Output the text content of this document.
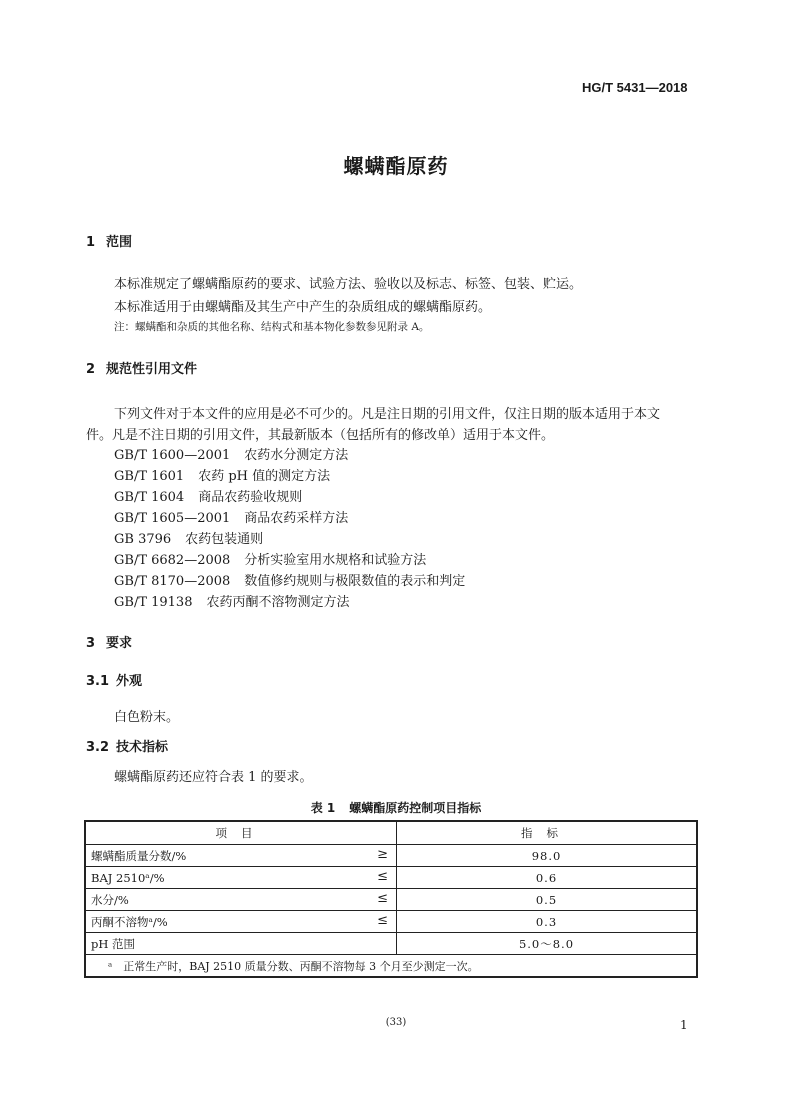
HG/T 5431—2018
螺螨酯原药
1 范围
本标准规定了螺螨酯原药的要求、试验方法、验收以及标志、标签、包装、贮运。
本标准适用于由螺螨酯及其生产中产生的杂质组成的螺螨酯原药。
注：螺螨酯和杂质的其他名称、结构式和基本物化参数参见附录 A。
2 规范性引用文件
下列文件对于本文件的应用是必不可少的。凡是注日期的引用文件，仅注日期的版本适用于本文
件。凡是不注日期的引用文件，其最新版本（包括所有的修改单）适用于本文件。
GB/T 1600—2001 农药水分测定方法
GB/T 1601 农药 pH 值的测定方法
GB/T 1604 商品农药验收规则
GB/T 1605—2001 商品农药采样方法
GB 3796 农药包装通则
GB/T 6682—2008 分析实验室用水规格和试验方法
GB/T 8170—2008 数值修约规则与极限数值的表示和判定
GB/T 19138 农药丙酮不溶物测定方法
3 要求
3.1 外观
白色粉末。
3.2 技术指标
螺螨酯原药还应符合表 1 的要求。
表 1 螺螨酯原药控制项目指标
项目	指标
螺螨酯质量分数/% ≥	98.0
BAJ 2510ᵃ/% ≤	0.6
水分/% ≤	0.5
丙酮不溶物ᵃ/% ≤	0.3
pH 范围	5.0～8.0
ᵃ　正常生产时，BAJ 2510 质量分数、丙酮不溶物每 3 个月至少测定一次。	
(33)	1
